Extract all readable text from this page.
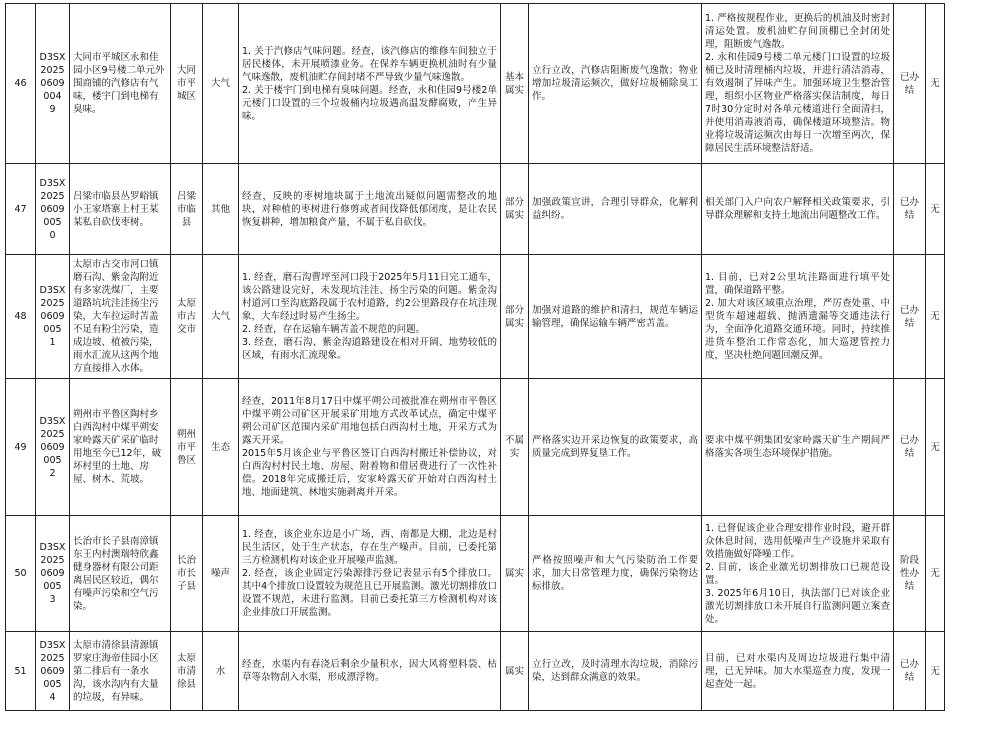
46	D3SX20250609004 9	大同市平城区永和佳园小区9号楼二单元外围商铺的汽修店有气味，楼宇门到电梯有臭味。	大同市平城区	大气	1. 关于汽修店气味问题。经查，该汽修店的维修车间独立于居民楼体，未开展喷漆业务。在保养车辆更换机油时有少量气味逸散，废机油贮存间封堵不严导致少量气味逸散。
2. 关于楼宇门到电梯有臭味问题。经查，永和佳园9号楼2单元楼门口设置的三个垃圾桶内垃圾遇高温发酵腐败，产生异味。	基本属实	立行立改，汽修店阻断废气逸散；物业增加垃圾清运频次，做好垃圾桶除臭工作。	1. 严格按规程作业，更换后的机油及时密封清运处置。废机油贮存间顶棚已全封闭处理，阻断废气逸散。
2. 永和佳园9号楼二单元楼门口设置的垃圾桶已及时清理桶内垃圾，并进行清洁消毒，有效遏制了异味产生。加强环境卫生整治管理，组织小区物业严格落实保洁制度，每日7时30分定时对各单元楼道进行全面清扫，并使用消毒液消毒，确保楼道环境整洁。物业将垃圾清运频次由每日一次增至两次，保障居民生活环境整洁舒适。	已办结	无
47	D3SX20250609005 0	吕梁市临县丛罗峪镇小王家塔寨上村王某某私自砍伐枣树。	吕梁市临县	其他	经查，反映的枣树地块属于土地流出疑似问题需整改的地块，对种植的枣树进行修剪或者间伐降低郁闭度，是让农民恢复耕种，增加粮食产量，不属于私自砍伐。	部分属实	加强政策宣讲，合理引导群众，化解利益纠纷。	相关部门入户向农户解释相关政策要求，引导群众理解和支持土地流出问题整改工作。	已办结	无
48	D3SX20250609005 1	太原市古交市河口镇磨石沟、紫金沟附近有多家洗煤厂，主要道路坑坑洼洼扬尘污染，大车拉运时苫盖不足有粉尘污染，造成边坡、植被污染，雨水汇流从这两个地方直接排入水体。	太原市古交市	大气	1. 经查，磨石沟曹坪至河口段于2025年5月11日完工通车，该公路建设完好，未发现坑洼洼、扬尘污染的问题。紫金沟村道河口至沟底路段属于农村道路，约2公里路段存在坑洼现象，大车经过时易产生扬尘。
2. 经查，存在运输车辆苫盖不规范的问题。
3. 经查，磨石沟、紫金沟道路建设在相对开阔、地势较低的区域，有雨水汇流现象。	部分属实	加强对道路的维护和清扫，规范车辆运输管理，确保运输车辆严密苫盖。	1. 目前，已对2公里坑洼路面进行填平处置，确保道路平整。
2. 加大对该区域重点治理，严厉查处重、中型货车超速超载、抛洒遗漏等交通违法行为，全面净化道路交通环境。同时，持续推进货车整治工作常态化，加大巡逻管控力度，坚决杜绝问题回潮反弹。	已办结	无
49	D3SX20250609005 2	朔州市平鲁区陶村乡白西沟村中煤平朔安家岭露天矿采矿临时用地至今已12年，破坏村里的土地、房屋、树木、荒坡。	朔州市平鲁区	生态	经查，2011年8月17日中煤平朔公司被批准在朔州市平鲁区中煤平朔公司矿区开展采矿用地方式改革试点，确定中煤平朔公司矿区范围内采矿用地包括白西沟村土地，开采方式为露天开采。
2015年5月该企业与平鲁区签订白西沟村搬迁补偿协议，对白西沟村村民土地、房屋、附着物和借居费进行了一次性补偿。2018年完成搬迁后，安家岭露天矿开始对白西沟村土地、地面建筑、林地实施剥离并开采。	不属实	严格落实边开采边恢复的政策要求，高质量完成到界复垦工作。	要求中煤平朔集团安家岭露天矿生产期间严格落实各项生态环境保护措施。	已办结	无
50	D3SX20250609005 3	长治市长子县南漳镇东王内村澳瑞特欣鑫健身器材有限公司距离居民区较近，偶尔有噪声污染和空气污染。	长治市长子县	噪声	1. 经查，该企业东边是小广场，西、南都是大棚，北边是村民生活区，处于生产状态，存在生产噪声。目前，已委托第三方检测机构对该企业开展噪声监测。
2. 经查，该企业固定污染源排污登记表显示有5个排放口。其中4个排放口设置较为规范且已开展监测。激光切割排放口设置不规范，未进行监测。目前已委托第三方检测机构对该企业排放口开展监测。	属实	严格按照噪声和大气污染防治工作要求，加大日常管理力度，确保污染物达标排放。	1. 已督促该企业合理安排作业时段，避开群众休息时间，选用低噪声生产设施并采取有效措施做好降噪工作。
2. 目前，该企业激光切割排放口已规范设置。
3. 2025年6月10日，执法部门已对该企业激光切割排放口未开展自行监测问题立案查处。	阶段性办结	无
51	D3SX20250609005 4	太原市清徐县清源镇罗家庄海帝佳园小区第二排后有一条水沟，该水沟内有大量的垃圾，有异味。	太原市清徐县	水	经查，水渠内有春浇后剩余少量积水，因大风将塑料袋、枯草等杂物刮入水渠，形成漂浮物。	属实	立行立改，及时清理水沟垃圾，消除污染，达到群众满意的效果。	目前，已对水渠内及周边垃圾进行集中清理，已无异味。加大水渠巡查力度，发现一起查处一起。	已办结	无
